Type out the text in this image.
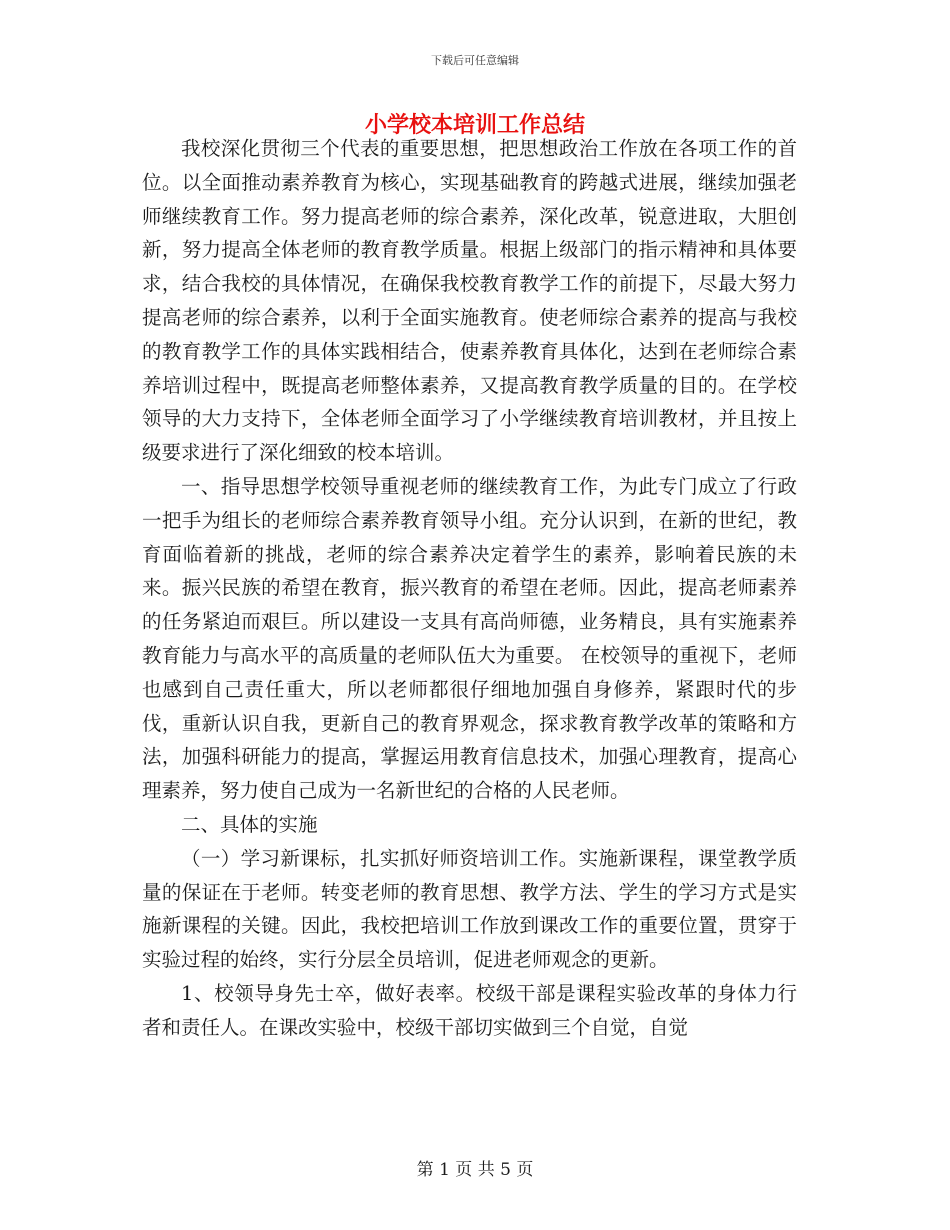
下载后可任意编辑
小学校本培训工作总结

我校深化贯彻三个代表的重要思想，把思想政治工作放在各项工作的首位。以全面推动素养教育为核心，实现基础教育的跨越式进展，继续加强老师继续教育工作。努力提高老师的综合素养，深化改革，锐意进取，大胆创新，努力提高全体老师的教育教学质量。根据上级部门的指示精神和具体要求，结合我校的具体情况，在确保我校教育教学工作的前提下，尽最大努力提高老师的综合素养，以利于全面实施教育。使老师综合素养的提高与我校的教育教学工作的具体实践相结合，使素养教育具体化，达到在老师综合素养培训过程中，既提高老师整体素养，又提高教育教学质量的目的。在学校领导的大力支持下，全体老师全面学习了小学继续教育培训教材，并且按上级要求进行了深化细致的校本培训。

一、指导思想学校领导重视老师的继续教育工作，为此专门成立了行政一把手为组长的老师综合素养教育领导小组。充分认识到，在新的世纪，教育面临着新的挑战，老师的综合素养决定着学生的素养，影响着民族的未来。振兴民族的希望在教育，振兴教育的希望在老师。因此，提高老师素养的任务紧迫而艰巨。所以建设一支具有高尚师德，业务精良，具有实施素养教育能力与高水平的高质量的老师队伍大为重要。 在校领导的重视下，老师也感到自己责任重大，所以老师都很仔细地加强自身修养，紧跟时代的步伐，重新认识自我，更新自己的教育界观念，探求教育教学改革的策略和方法，加强科研能力的提高，掌握运用教育信息技术，加强心理教育，提高心理素养，努力使自己成为一名新世纪的合格的人民老师。

二、具体的实施

（一）学习新课标，扎实抓好师资培训工作。实施新课程，课堂教学质量的保证在于老师。转变老师的教育思想、教学方法、学生的学习方式是实施新课程的关键。因此，我校把培训工作放到课改工作的重要位置，贯穿于实验过程的始终，实行分层全员培训，促进老师观念的更新。

1、校领导身先士卒，做好表率。校级干部是课程实验改革的身体力行者和责任人。在课改实验中，校级干部切实做到三个自觉，自觉

第 1 页 共 5 页
